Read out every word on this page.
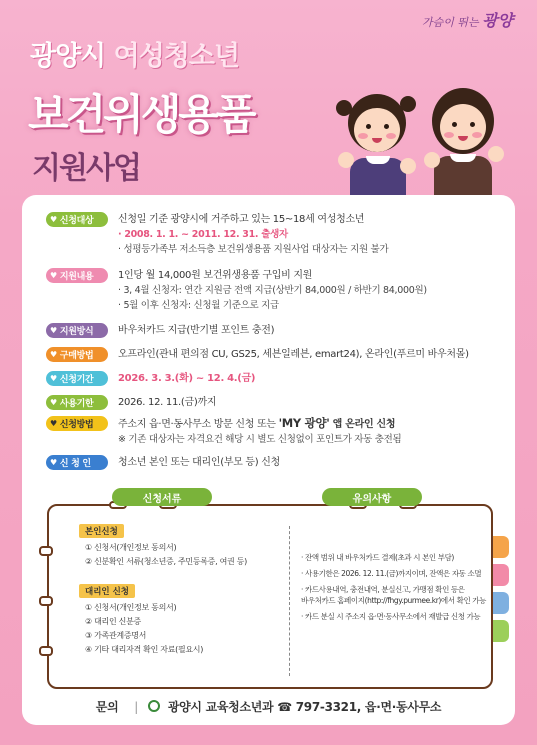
가슴이 뛰는 광양
광양시 여성청소년
보건위생용품
지원사업
♥ 신청대상 신청일 기준 광양시에 거주하고 있는 15~18세 여성청소년
· 2008. 1. 1. ~ 2011. 12. 31. 출생자
· 성평등가족부 저소득층 보건위생용품 지원사업 대상자는 지원 불가
♥ 지원내용 1인당 월 14,000원 보건위생용품 구입비 지원
· 3, 4월 신청자: 연간 지원금 전액 지급(상반기 84,000원 / 하반기 84,000원)
· 5월 이후 신청자: 신청월 기준으로 지급
♥ 지원방식 바우처카드 지급(반기별 포인트 충전)
♥ 구매방법 오프라인(관내 편의점 CU, GS25, 세븐일레븐, emart24), 온라인(푸르미 바우처몰)
♥ 신청기간 2026. 3. 3.(화) ~ 12. 4.(금)
♥ 사용기한 2026. 12. 11.(금)까지
♥ 신청방법 주소지 읍·면·동사무소 방문 신청 또는 'MY 광양' 앱 온라인 신청
※ 기존 대상자는 자격요건 해당 시 별도 신청없이 포인트가 자동 충전됨
♥ 신 청 인	청소년 본인 또는 대리인(부모 등) 신청
본인신청
① 신청서(개인정보 동의서)
② 신분확인 서류(청소년증, 주민등록증, 여권 등)
대리인 신청
① 신청서(개인정보 동의서)
② 대리인 신분증
③ 가족관계증명서
④ 기타 대리자격 확인 자료(필요시)
· 잔액 범위 내 바우처카드 결제(초과 시 본인 부담)
· 사용기한은 2026. 12. 11.(금)까지이며, 잔액은 자동 소멸
· 카드사용내역, 충전내역, 분실신고, 가맹점 확인 등은
바우처카드 홈페이지(http://fhgy.purmee.kr)에서 확인 가능
· 카드 분실 시 주소지 읍·면·동사무소에서 재발급 신청 가능
신청서류	유의사항
문의 | 광양시 교육청소년과 ☎ 797-3321, 읍·면·동사무소
